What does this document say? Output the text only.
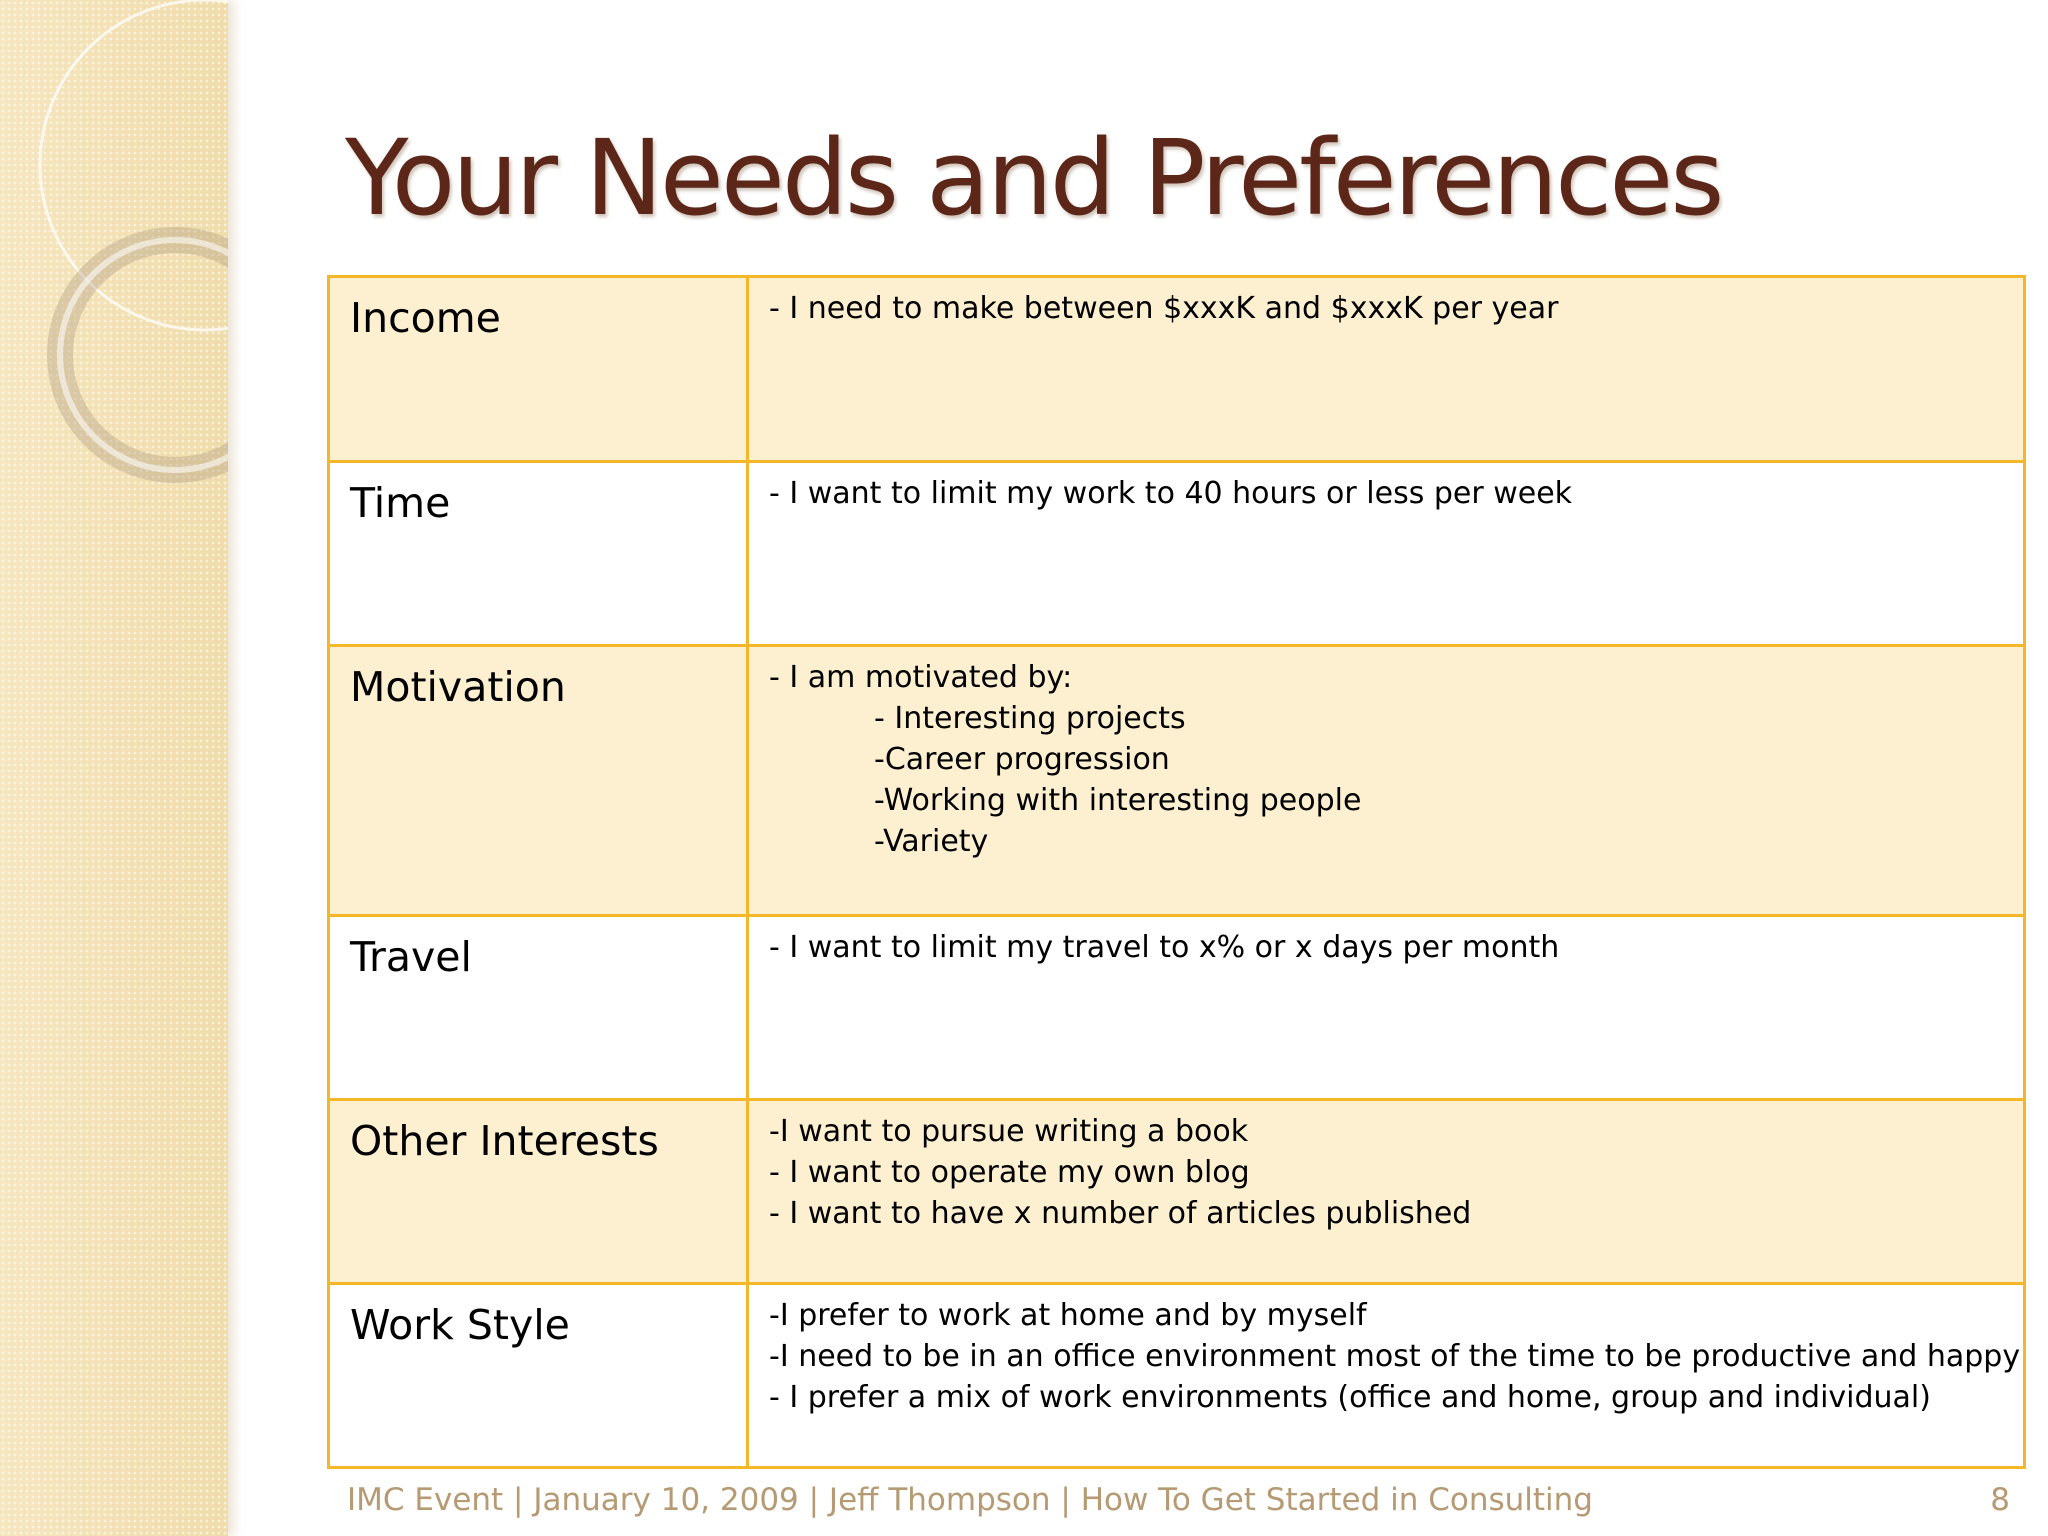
Your Needs and Preferences
Income	- I need to make between $xxxK and $xxxK per year

Time	- I want to limit my work to 40 hours or less per week

Motivation	- I am motivated by:
- Interesting projects
-Career progression
-Working with interesting people
-Variety

Travel	- I want to limit my travel to x% or x days per month

Other Interests	-I want to pursue writing a book
- I want to operate my own blog
- I want to have x number of articles published

Work Style	-I prefer to work at home and by myself
-I need to be in an office environment most of the time to be productive and happy
- I prefer a mix of work environments (office and home, group and individual)
IMC Event | January 10, 2009 | Jeff Thompson | How To Get Started in Consulting	8
